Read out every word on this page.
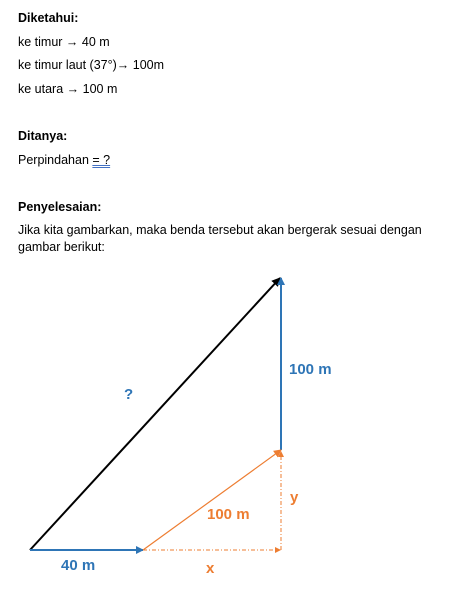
Diketahui:
ke timur → 40 m
ke timur laut (37°)→ 100m
ke utara → 100 m
Ditanya:
Perpindahan = ?
Penyelesaian:
Jika kita gambarkan, maka benda tersebut akan bergerak sesuai dengan gambar berikut:
?
100 m
100 m
40 m	x
y
